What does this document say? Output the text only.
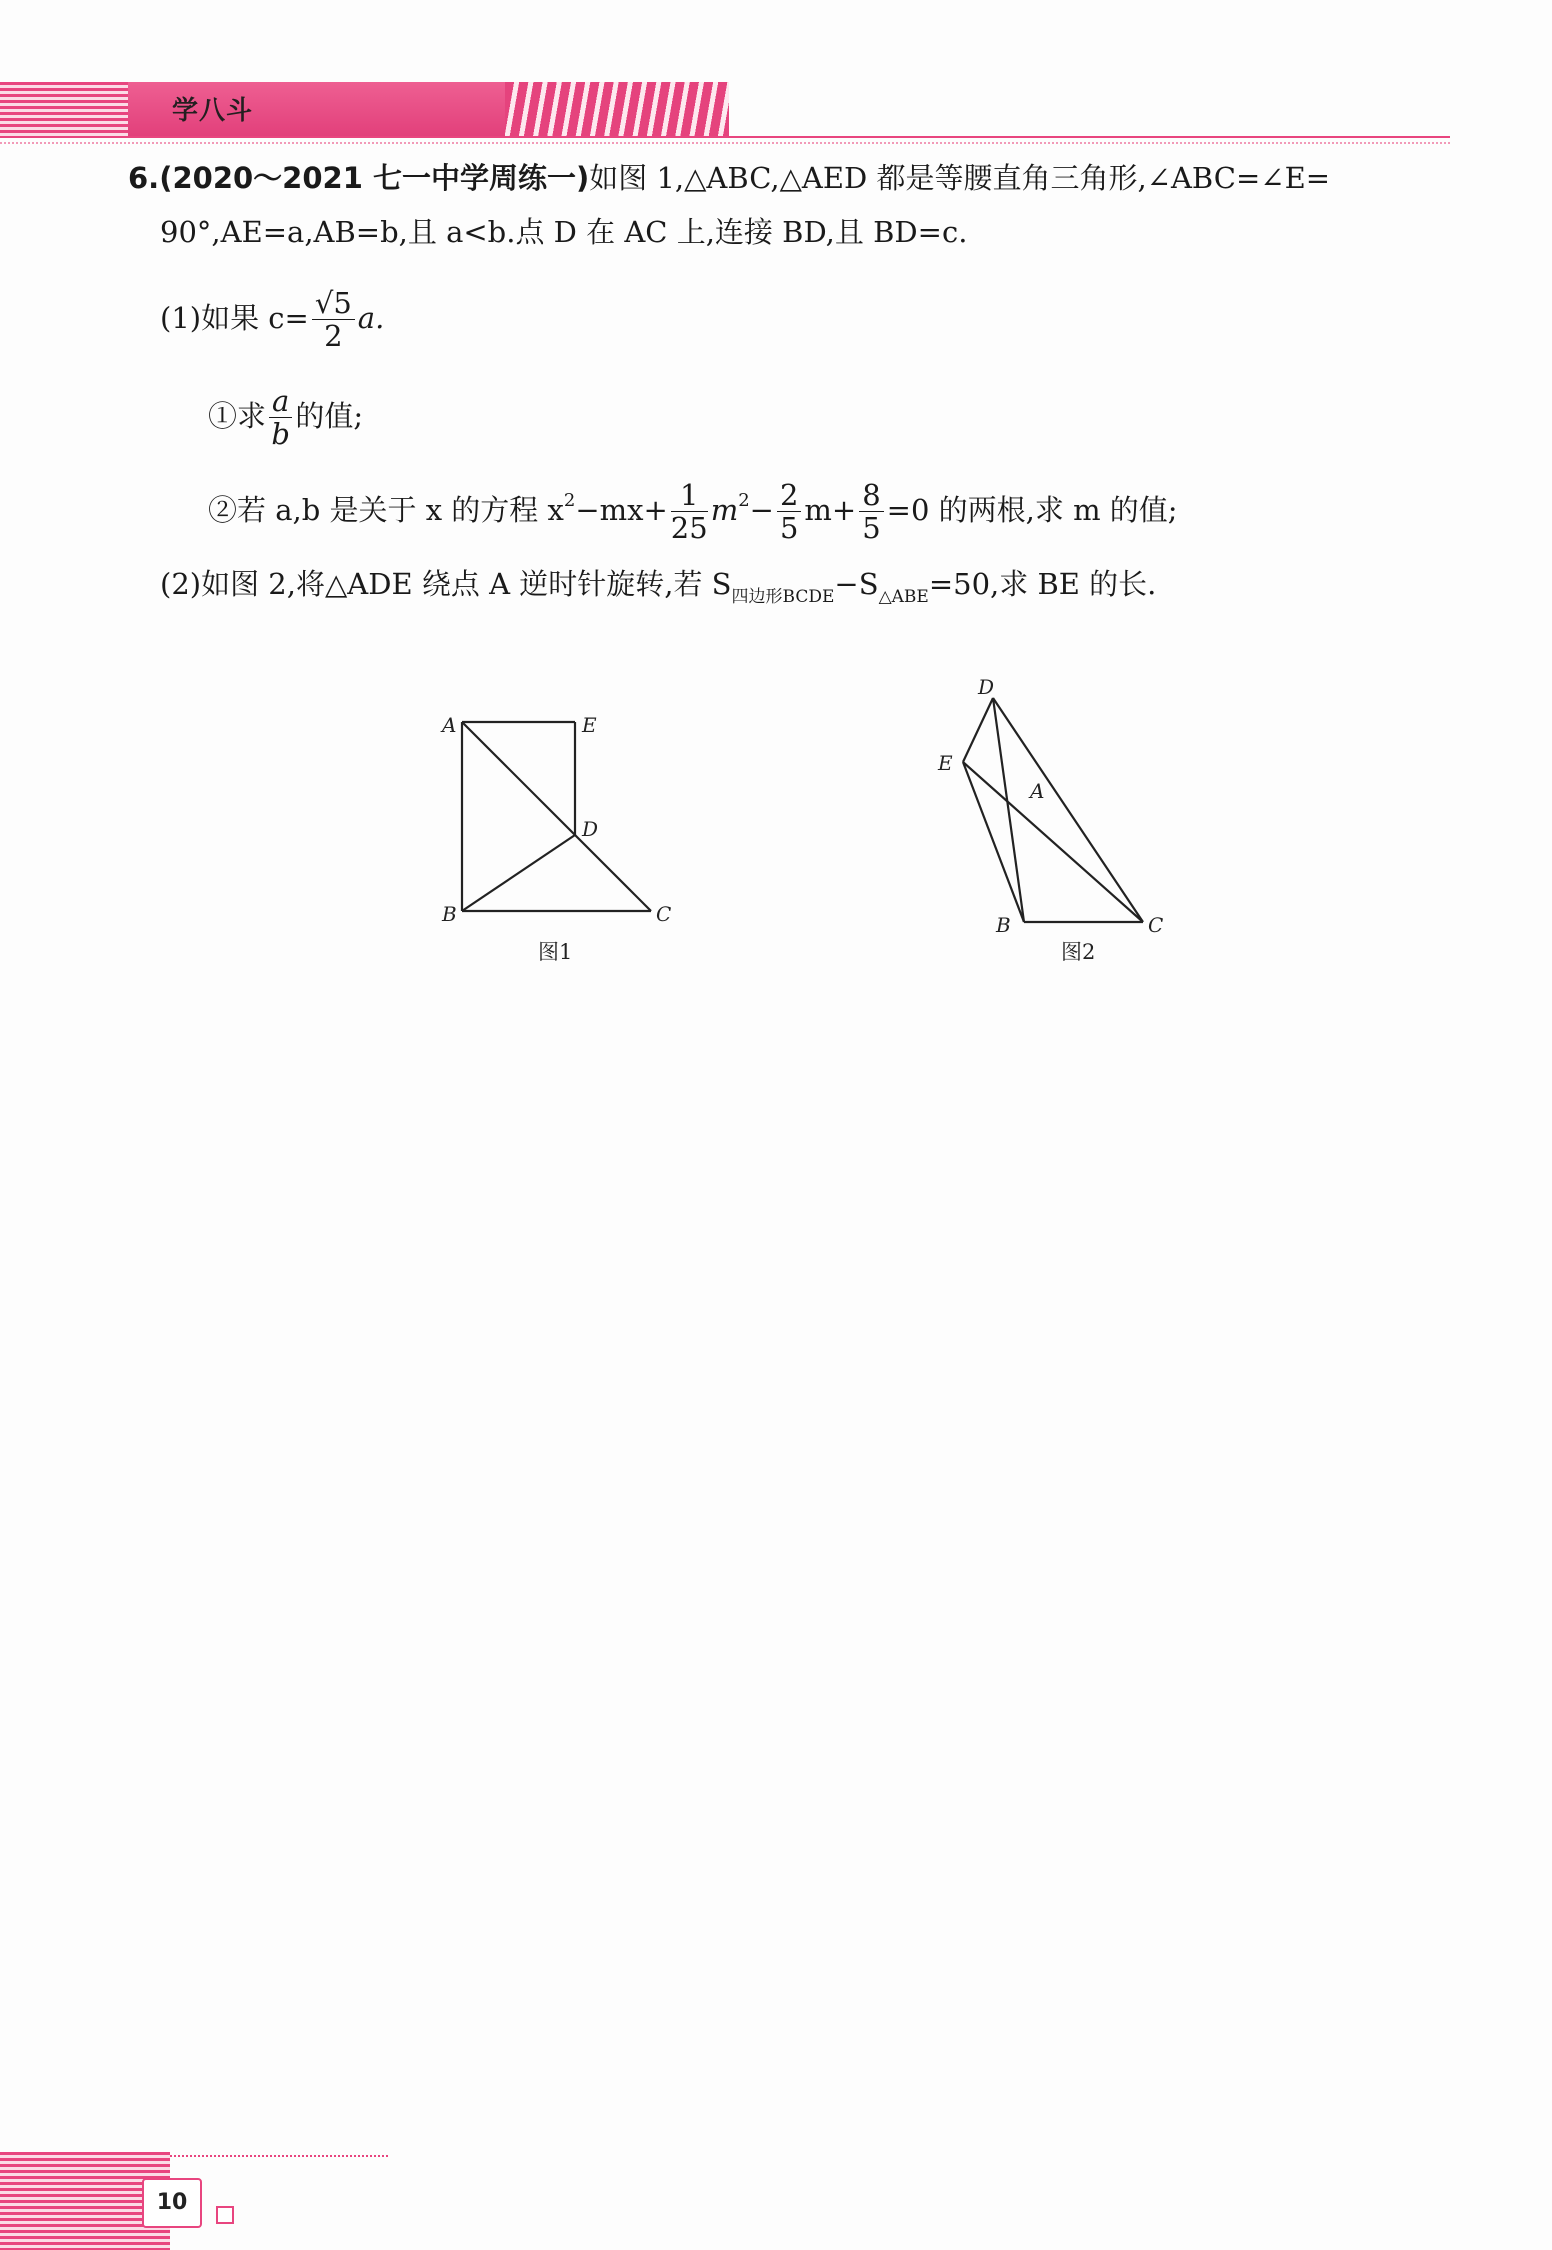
学八斗
6.(2020～2021 七一中学周练一)如图 1,△ABC,△AED 都是等腰直角三角形,∠ABC=∠E=
90°,AE=a,AB=b,且 a<b.点 D 在 AC 上,连接 BD,且 BD=c.
(1)如果 $c= \frac{√5}{2} a$.
①求 $\frac{a}{b}$ 的值;
②若 a,b 是关于 x 的方程 $x^2-mx+ \frac{1}{25} m^2- \frac{2}{5} m+ \frac{8}{5} =0$ 的两根,求 m 的值;
(2)如图 2,将△ADE 绕点 A 逆时针旋转,若 $S_{四边形BCDE}-S_{\triangle ABE}=50$,求 BE 的长.
A	E
D
B	C
图1
D
E
A
B	C
图2
10
